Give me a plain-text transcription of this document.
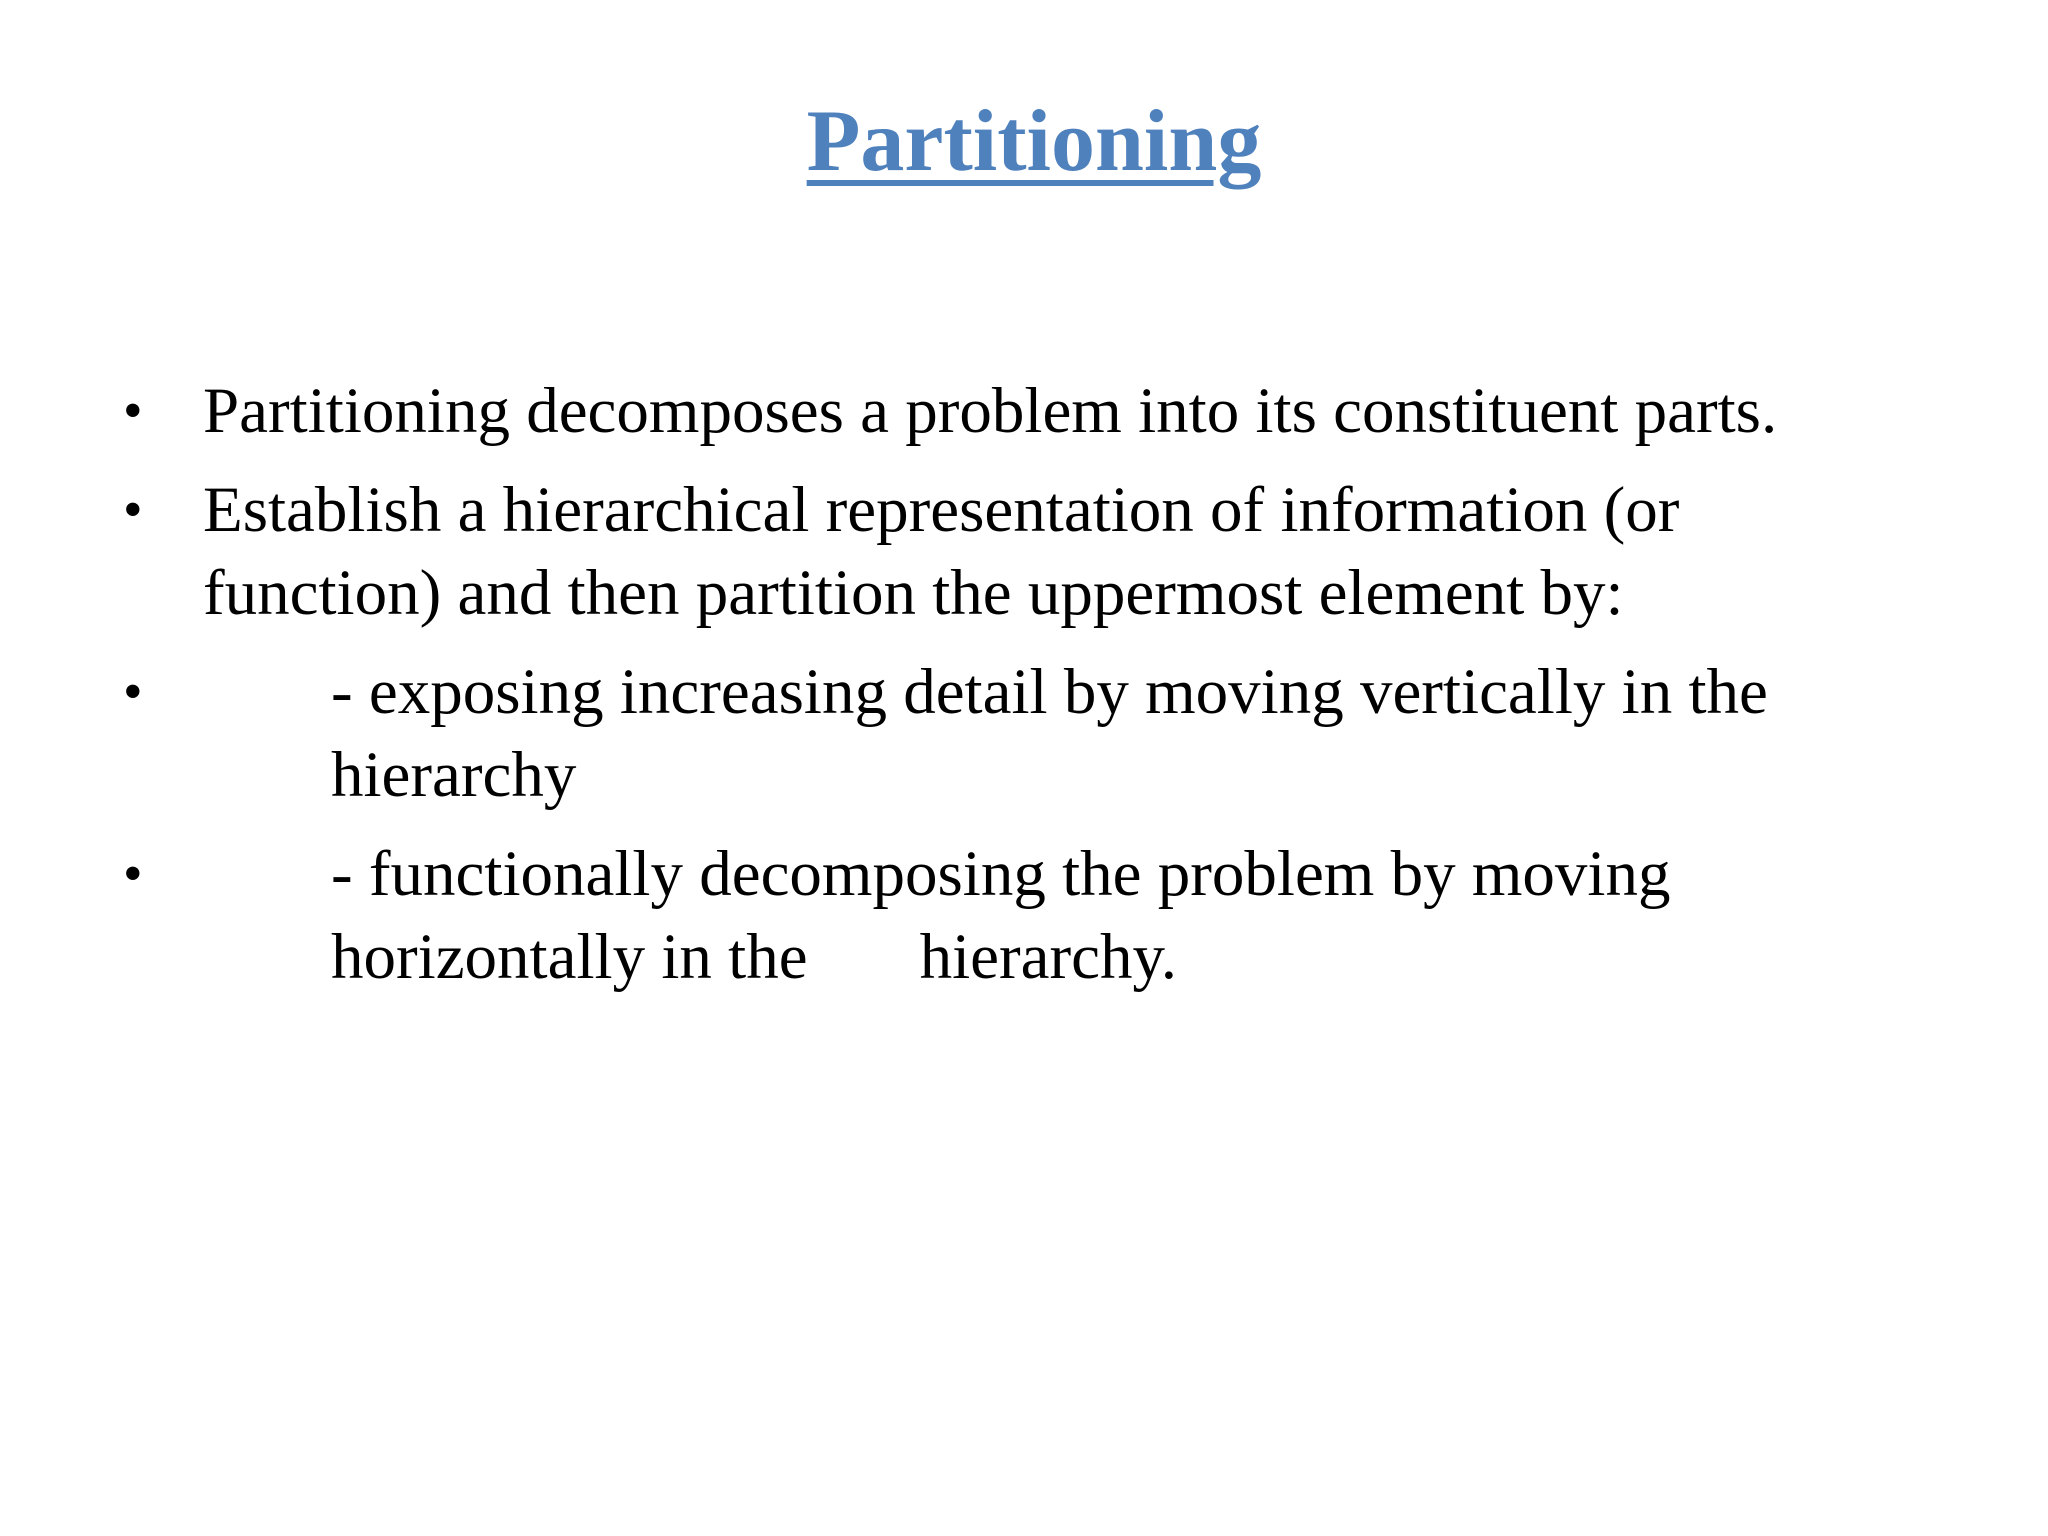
Partitioning
• Partitioning decomposes a problem into its constituent parts.
• Establish a hierarchical representation of information (or function) and then partition the uppermost element by:
•	- exposing increasing detail by moving vertically in the hierarchy
•	- functionally decomposing the problem by moving horizontally in the hierarchy.
